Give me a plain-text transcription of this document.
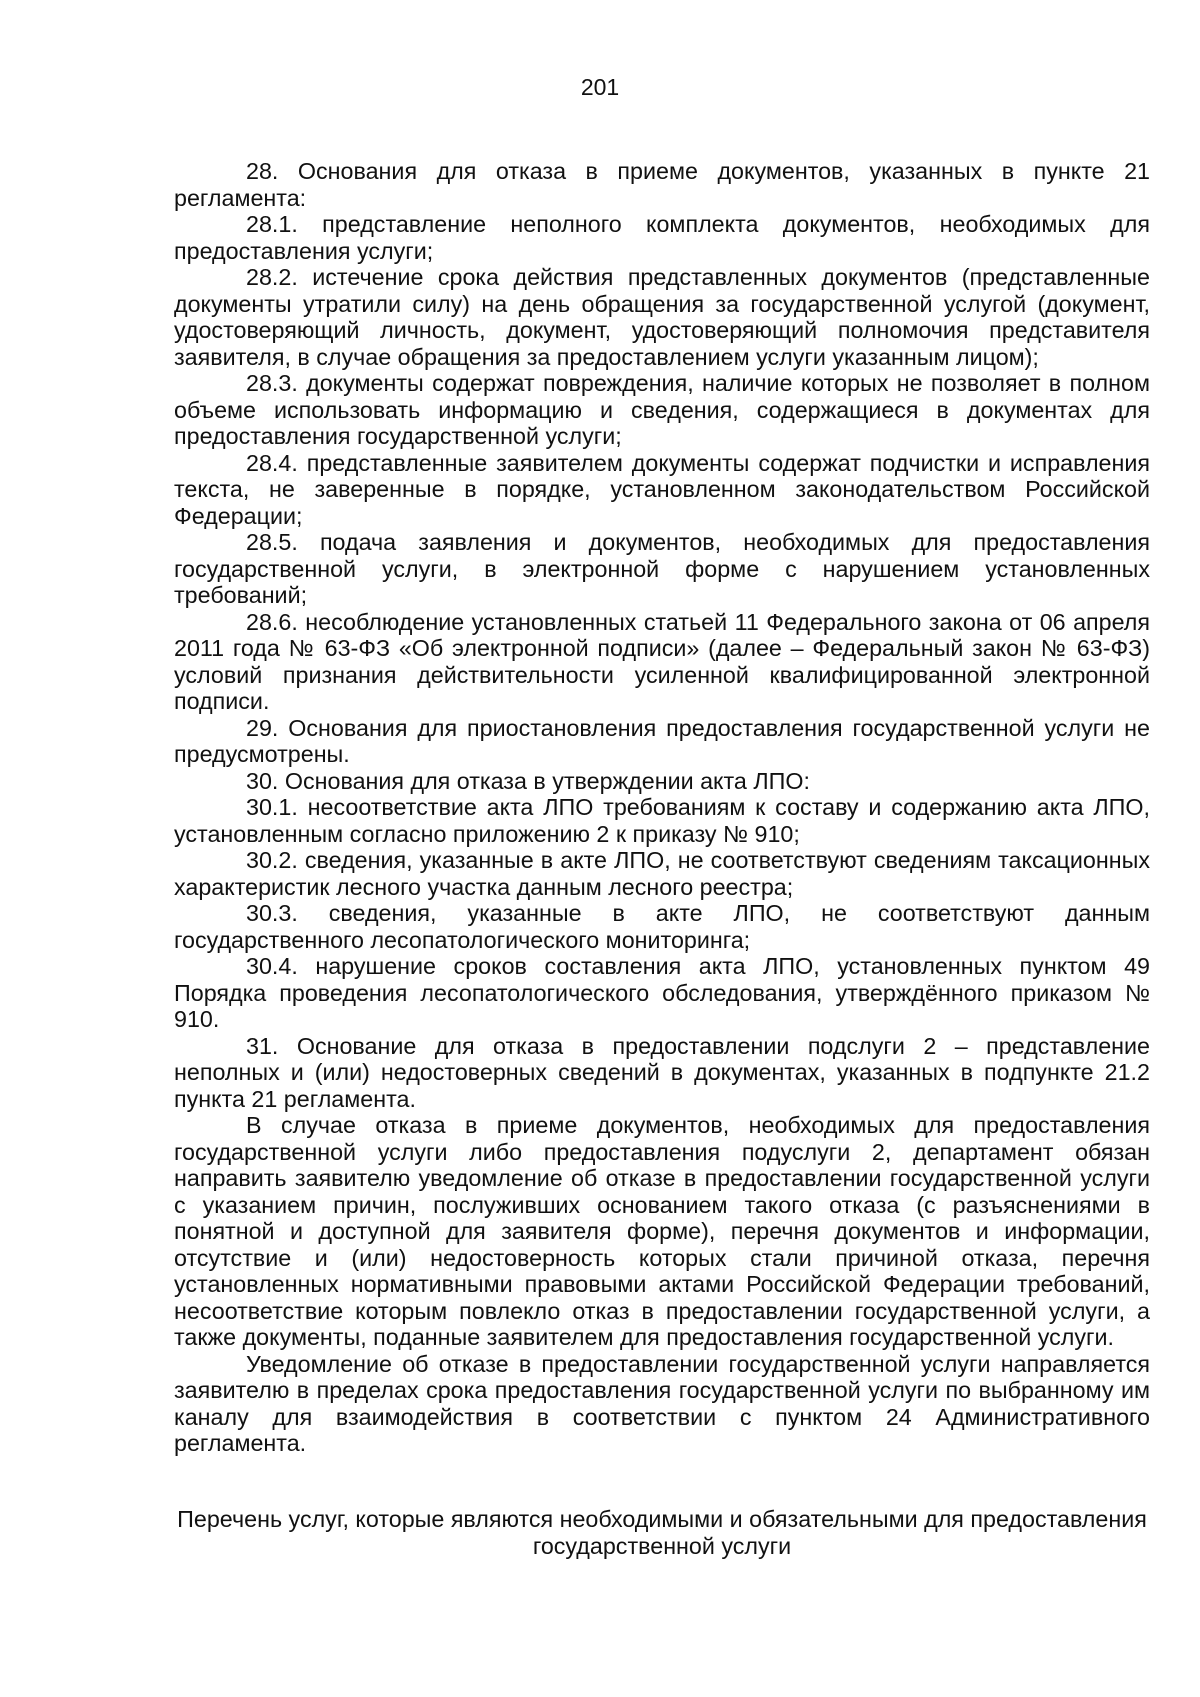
201

28. Основания для отказа в приеме документов, указанных в пункте 21 регламента:

28.1. представление неполного комплекта документов, необходимых для предоставления услуги;

28.2. истечение срока действия представленных документов (представленные документы утратили силу) на день обращения за государственной услугой (документ, удостоверяющий личность, документ, удостоверяющий полномочия представителя заявителя, в случае обращения за предоставлением услуги указанным лицом);

28.3. документы содержат повреждения, наличие которых не позволяет в полном объеме использовать информацию и сведения, содержащиеся в документах для предоставления государственной услуги;

28.4. представленные заявителем документы содержат подчистки и исправления текста, не заверенные в порядке, установленном законодательством Российской Федерации;

28.5. подача заявления и документов, необходимых для предоставления государственной услуги, в электронной форме с нарушением установленных требований;

28.6. несоблюдение установленных статьей 11 Федерального закона от 06 апреля 2011 года № 63-ФЗ «Об электронной подписи» (далее – Федеральный закон № 63-ФЗ) условий признания действительности усиленной квалифицированной электронной подписи.

29. Основания для приостановления предоставления государственной услуги не предусмотрены.

30. Основания для отказа в утверждении акта ЛПО:

30.1. несоответствие акта ЛПО требованиям к составу и содержанию акта ЛПО, установленным согласно приложению 2 к приказу № 910;

30.2. сведения, указанные в акте ЛПО, не соответствуют сведениям таксационных характеристик лесного участка данным лесного реестра;

30.3. сведения, указанные в акте ЛПО, не соответствуют данным государственного лесопатологического мониторинга;

30.4. нарушение сроков составления акта ЛПО, установленных пунктом 49 Порядка проведения лесопатологического обследования, утверждённого приказом № 910.

31. Основание для отказа в предоставлении подслуги 2 – представление неполных и (или) недостоверных сведений в документах, указанных в подпункте 21.2 пункта 21 регламента.

В случае отказа в приеме документов, необходимых для предоставления государственной услуги либо предоставления подуслуги 2, департамент обязан направить заявителю уведомление об отказе в предоставлении государственной услуги с указанием причин, послуживших основанием такого отказа (с разъяснениями в понятной и доступной для заявителя форме), перечня документов и информации, отсутствие и (или) недостоверность которых стали причиной отказа, перечня установленных нормативными правовыми актами Российской Федерации требований, несоответствие которым повлекло отказ в предоставлении государственной услуги, а также документы, поданные заявителем для предоставления государственной услуги.

Уведомление об отказе в предоставлении государственной услуги направляется заявителю в пределах срока предоставления государственной услуги по выбранному им каналу для взаимодействия в соответствии с пунктом 24 Административного регламента.

Перечень услуг, которые являются необходимыми и обязательными для предоставления государственной услуги
